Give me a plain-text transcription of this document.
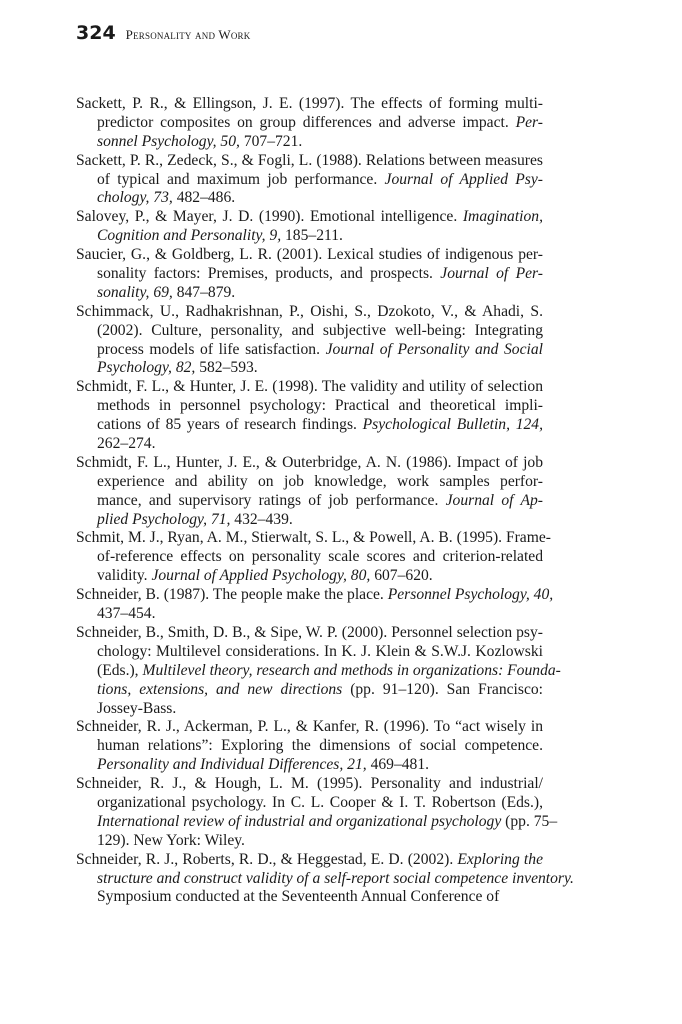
324 Personality and Work
Sackett, P. R., & Ellingson, J. E. (1997). The effects of forming multi-
predictor composites on group differences and adverse impact. Per-
sonnel Psychology, 50, 707–721.
Sackett, P. R., Zedeck, S., & Fogli, L. (1988). Relations between measures
of typical and maximum job performance. Journal of Applied Psy-
chology, 73, 482–486.
Salovey, P., & Mayer, J. D. (1990). Emotional intelligence. Imagination,
Cognition and Personality, 9, 185–211.
Saucier, G., & Goldberg, L. R. (2001). Lexical studies of indigenous per-
sonality factors: Premises, products, and prospects. Journal of Per-
sonality, 69, 847–879.
Schimmack, U., Radhakrishnan, P., Oishi, S., Dzokoto, V., & Ahadi, S.
(2002). Culture, personality, and subjective well-being: Integrating
process models of life satisfaction. Journal of Personality and Social
Psychology, 82, 582–593.
Schmidt, F. L., & Hunter, J. E. (1998). The validity and utility of selection
methods in personnel psychology: Practical and theoretical impli-
cations of 85 years of research findings. Psychological Bulletin, 124,
262–274.
Schmidt, F. L., Hunter, J. E., & Outerbridge, A. N. (1986). Impact of job
experience and ability on job knowledge, work samples perfor-
mance, and supervisory ratings of job performance. Journal of Ap-
plied Psychology, 71, 432–439.
Schmit, M. J., Ryan, A. M., Stierwalt, S. L., & Powell, A. B. (1995). Frame-
of-reference effects on personality scale scores and criterion-related
validity. Journal of Applied Psychology, 80, 607–620.
Schneider, B. (1987). The people make the place. Personnel Psychology, 40,
437–454.
Schneider, B., Smith, D. B., & Sipe, W. P. (2000). Personnel selection psy-
chology: Multilevel considerations. In K. J. Klein & S.W.J. Kozlowski
(Eds.), Multilevel theory, research and methods in organizations: Founda-
tions, extensions, and new directions (pp. 91–120). San Francisco:
Jossey-Bass.
Schneider, R. J., Ackerman, P. L., & Kanfer, R. (1996). To “act wisely in
human relations”: Exploring the dimensions of social competence.
Personality and Individual Differences, 21, 469–481.
Schneider, R. J., & Hough, L. M. (1995). Personality and industrial/
organizational psychology. In C. L. Cooper & I. T. Robertson (Eds.),
International review of industrial and organizational psychology (pp. 75–
129). New York: Wiley.
Schneider, R. J., Roberts, R. D., & Heggestad, E. D. (2002). Exploring the
structure and construct validity of a self-report social competence inventory.
Symposium conducted at the Seventeenth Annual Conference of
